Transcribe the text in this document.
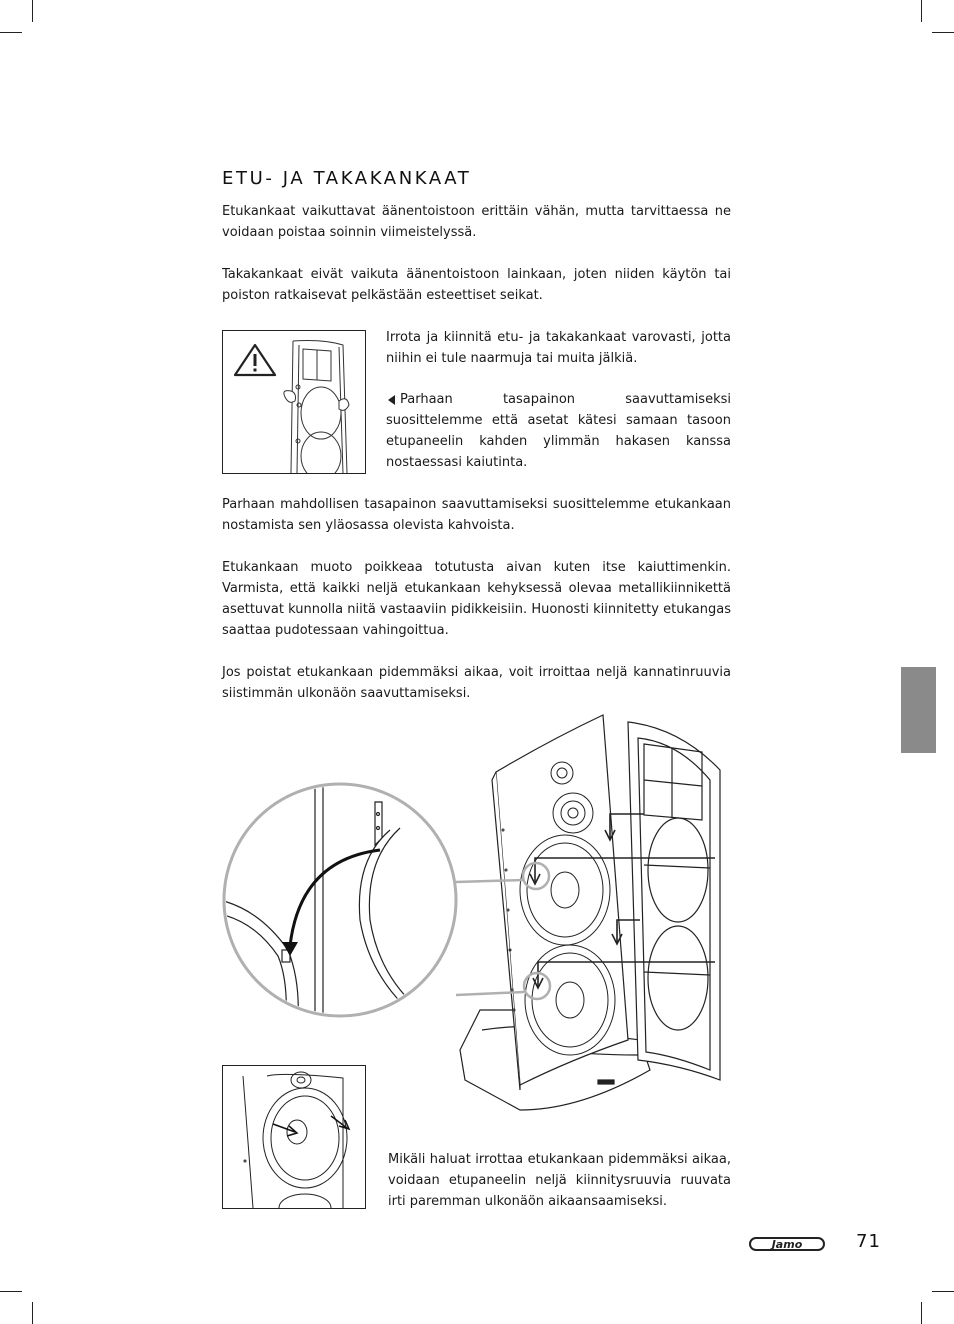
ETU- JA TAKAKANKAAT

Etukankaat vaikuttavat äänentoistoon erittäin vähän, mutta tarvittaessa ne voidaan poistaa soinnin viimeistelyssä.

Takakankaat eivät vaikuta äänentoistoon lainkaan, joten niiden käytön tai poiston ratkaisevat pelkästään esteettiset seikat.

Irrota ja kiinnitä etu- ja takakankaat varovasti, jotta niihin ei tule naarmuja tai muita jälkiä.

Parhaan tasapainon saavuttamiseksi suosittelemme että asetat kätesi samaan tasoon etupaneelin kahden ylimmän hakasen kanssa nostaessasi kaiutinta.

Parhaan mahdollisen tasapainon saavuttamiseksi suosittelemme etukankaan nostamista sen yläosassa olevista kahvoista.

Etukankaan muoto poikkeaa totutusta aivan kuten itse kaiuttimenkin. Varmista, että kaikki neljä etukankaan kehyksessä olevaa metallikiinnikettä asettuvat kunnolla niitä vastaaviin pidikkeisiin. Huonosti kiinnitetty etukangas saattaa pudotessaan vahingoittua.

Jos poistat etukankaan pidemmäksi aikaa, voit irroittaa neljä kannatinruuvia siistimmän ulkonäön saavuttamiseksi.

Mikäli haluat irrottaa etukankaan pidemmäksi aikaa, voidaan etupaneelin neljä kiinnitysruuvia ruuvata irti paremman ulkonäön aikaansaamiseksi.

Jamo	71
